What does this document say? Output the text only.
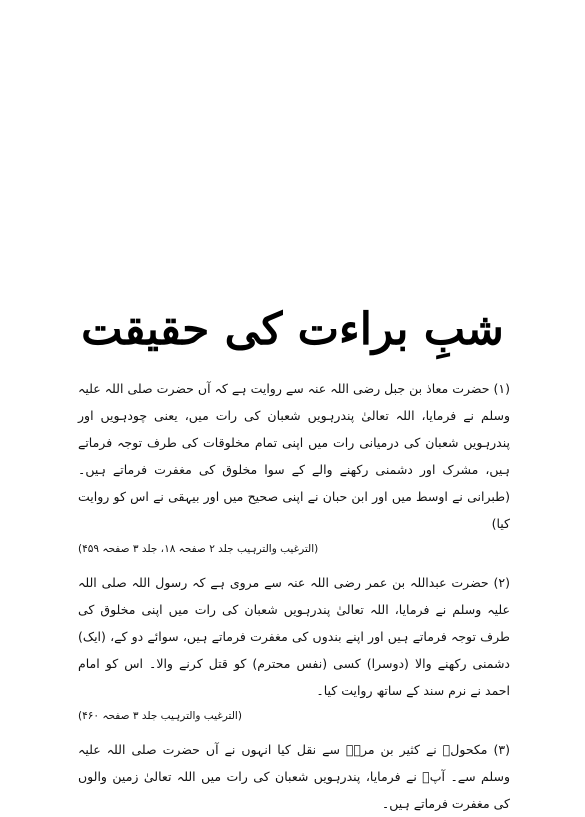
شبِ براءت کی حقیقت

(۱) حضرت معاذ بن جبل رضی اللہ عنہ سے روایت ہے کہ آں حضرت صلی اللہ علیہ وسلم نے فرمایا، اللہ تعالیٰ پندرہویں شعبان کی رات میں، یعنی چودہویں اور پندرہویں شعبان کی درمیانی رات میں اپنی تمام مخلوقات کی طرف توجہ فرماتے ہیں، مشرک اور دشمنی رکھنے والے کے سوا مخلوق کی مغفرت فرماتے ہیں۔ (طبرانی نے اوسط میں اور ابن حبان نے اپنی صحیح میں اور بیہقی نے اس کو روایت کیا)

(الترغیب والترہیب جلد ۲ صفحہ ۱۸، جلد ۳ صفحہ ۴۵۹)

(۲) حضرت عبداللہ بن عمر رضی اللہ عنہ سے مروی ہے کہ رسول اللہ صلی اللہ علیہ وسلم نے فرمایا، اللہ تعالیٰ پندرہویں شعبان کی رات میں اپنی مخلوق کی طرف توجہ فرماتے ہیں اور اپنے بندوں کی مغفرت فرماتے ہیں، سوائے دو کے، (ایک) دشمنی رکھنے والا (دوسرا) کسی (نفس محترم) کو قتل کرنے والا۔ اس کو امام احمد نے نرم سند کے ساتھ روایت کیا۔

(الترغیب والترہیب جلد ۳ صفحہ ۴۶۰)

(۳) مکحولؒ نے کثیر بن مرہؒ سے نقل کیا انہوں نے آں حضرت صلی اللہ علیہ وسلم سے۔ آپؐ نے فرمایا، پندرہویں شعبان کی رات میں اللہ تعالیٰ زمین والوں کی مغفرت فرماتے ہیں۔
